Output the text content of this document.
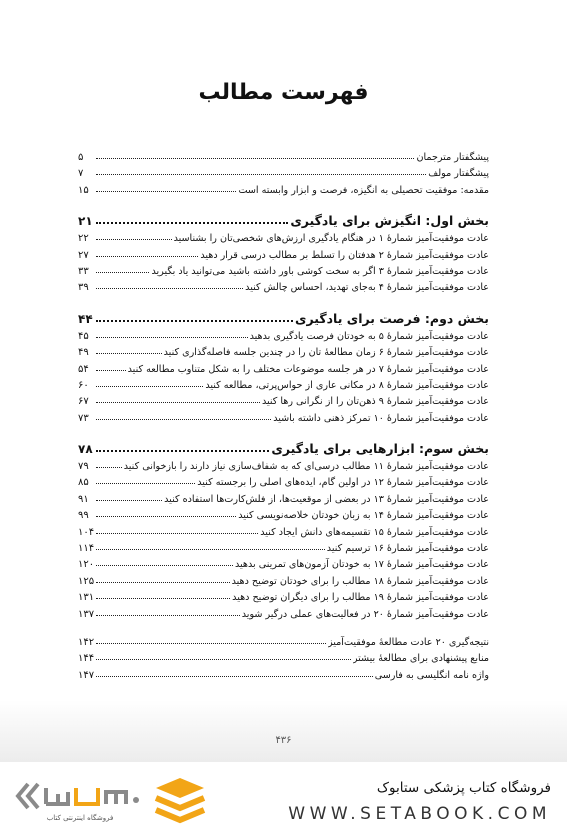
فهرست مطالب
پیشگفتار مترجمان
۵
پیشگفتار مولف
۷
مقدمه: موفقیت تحصیلی به انگیزه، فرصت و ابزار وابسته است
۱۵
بخش اول: انگیزش برای یادگیری
۲۱
عادت موفقیت‌آمیز شمارهٔ ۱ در هنگام یادگیری ارزش‌های شخصی‌تان را بشناسید
۲۲
عادت موفقیت‌آمیز شمارهٔ ۲ هدفتان را تسلط بر مطالب درسی قرار دهید
۲۷
عادت موفقیت‌آمیز شمارهٔ ۳ اگر به سخت کوشی باور داشته باشید می‌توانید یاد بگیرید
۳۳
عادت موفقیت‌آمیز شمارهٔ ۴ به‌جای تهدید، احساس چالش کنید
۳۹
بخش دوم: فرصت برای یادگیری
۴۴
عادت موفقیت‌آمیز شمارهٔ ۵ به خودتان فرصت یادگیری بدهید
۴۵
عادت موفقیت‌آمیز شمارهٔ ۶ زمان مطالعهٔ تان را در چندین جلسه فاصله‌گذاری کنید
۴۹
عادت موفقیت‌آمیز شمارهٔ ۷ در هر جلسه موضوعات مختلف را به شکل متناوب مطالعه کنید
۵۴
عادت موفقیت‌آمیز شمارهٔ ۸ در مکانی عاری از حواس‌پرتی، مطالعه کنید
۶۰
عادت موفقیت‌آمیز شمارهٔ ۹ ذهن‌تان را از نگرانی رها کنید
۶۷
عادت موفقیت‌آمیز شمارهٔ ۱۰ تمرکز ذهنی داشته باشید
۷۳
بخش سوم: ابزارهایی برای یادگیری
۷۸
عادت موفقیت‌آمیز شمارهٔ ۱۱ مطالب درسی‌ای که به شفاف‌سازی نیاز دارند را بازخوانی کنید
۷۹
عادت موفقیت‌آمیز شمارهٔ ۱۲ در اولین گام، ایده‌های اصلی را برجسته کنید
۸۵
عادت موفقیت‌آمیز شمارهٔ ۱۳ در بعضی از موقعیت‌ها، از فلش‌کارت‌ها استفاده کنید
۹۱
عادت موفقیت‌آمیز شمارهٔ ۱۴ به زبان خودتان خلاصه‌نویسی کنید
۹۹
عادت موفقیت‌آمیز شمارهٔ ۱۵ تقسیمه‌های دانش ایجاد کنید
۱۰۴
عادت موفقیت‌آمیز شمارهٔ ۱۶ ترسیم کنید
۱۱۴
عادت موفقیت‌آمیز شمارهٔ ۱۷ به خودتان آزمون‌های تمرینی بدهید
۱۲۰
عادت موفقیت‌آمیز شمارهٔ ۱۸ مطالب را برای خودتان توضیح دهید
۱۲۵
عادت موفقیت‌آمیز شمارهٔ ۱۹ مطالب را برای دیگران توضیح دهید
۱۳۱
عادت موفقیت‌آمیز شمارهٔ ۲۰ در فعالیت‌های عملی درگیر شوید
۱۳۷
نتیجه‌گیری ۲۰ عادت مطالعهٔ موفقیت‌آمیز
۱۴۲
منابع پیشنهادی برای مطالعهٔ بیشتر
۱۴۴
واژه نامه انگلیسی به فارسی
۱۴۷
۴۳۶
فروشگاه اینترنتی کتاب
فروشگاه کتاب پزشکی ستابوک
WWW.SETABOOK.COM
